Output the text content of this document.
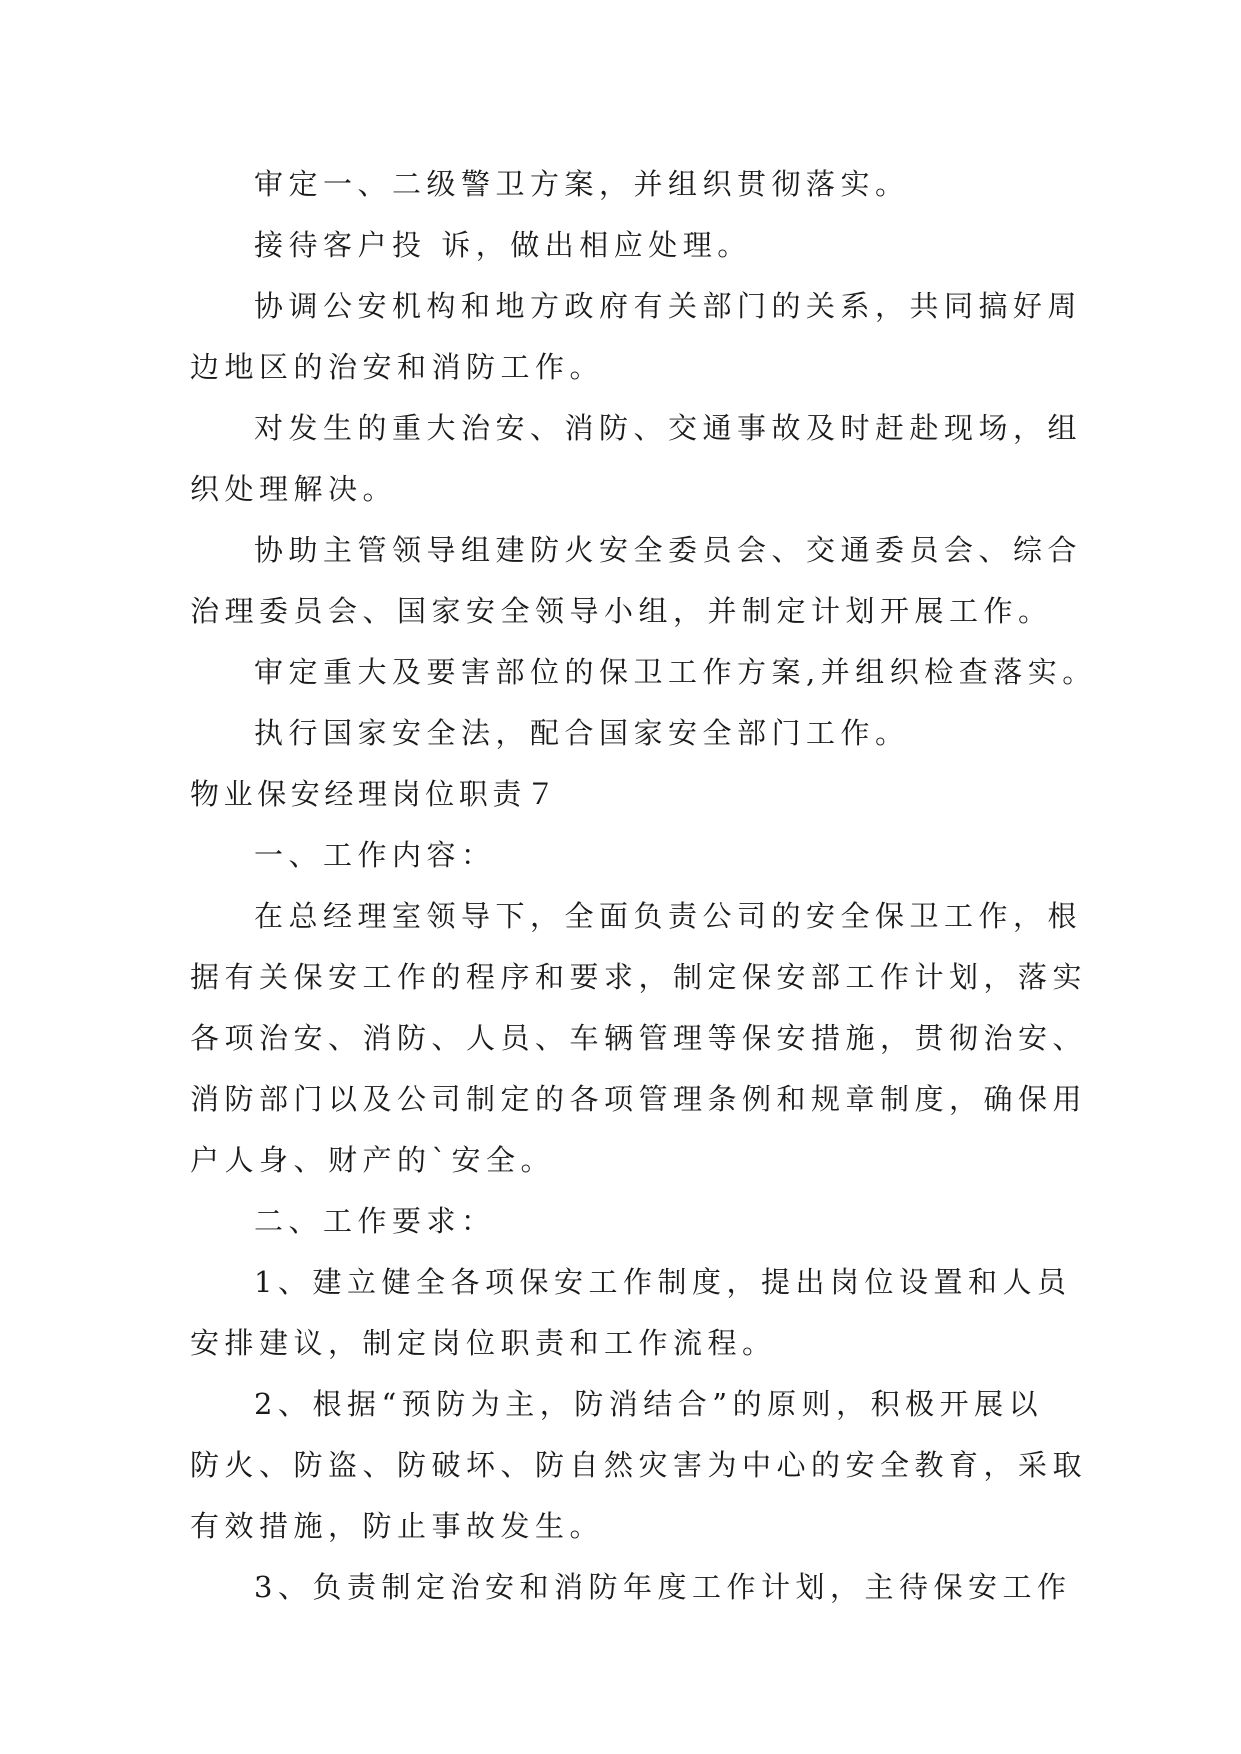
审定一、二级警卫方案，并组织贯彻落实。
接待客户投 诉，做出相应处理。
协调公安机构和地方政府有关部门的关系，共同搞好周
边地区的治安和消防工作。
对发生的重大治安、消防、交通事故及时赶赴现场，组
织处理解决。
协助主管领导组建防火安全委员会、交通委员会、综合
治理委员会、国家安全领导小组，并制定计划开展工作。
审定重大及要害部位的保卫工作方案,并组织检查落实。
执行国家安全法，配合国家安全部门工作。
物业保安经理岗位职责７
一、工作内容：
在总经理室领导下，全面负责公司的安全保卫工作，根
据有关保安工作的程序和要求，制定保安部工作计划，落实
各项治安、消防、人员、车辆管理等保安措施，贯彻治安、
消防部门以及公司制定的各项管理条例和规章制度，确保用
户人身、财产的`安全。
二、工作要求：
1、建立健全各项保安工作制度，提出岗位设置和人员
安排建议，制定岗位职责和工作流程。
2、根据“预防为主，防消结合”的原则，积极开展以
防火、防盗、防破坏、防自然灾害为中心的安全教育，采取
有效措施，防止事故发生。
3、负责制定治安和消防年度工作计划，主待保安工作
